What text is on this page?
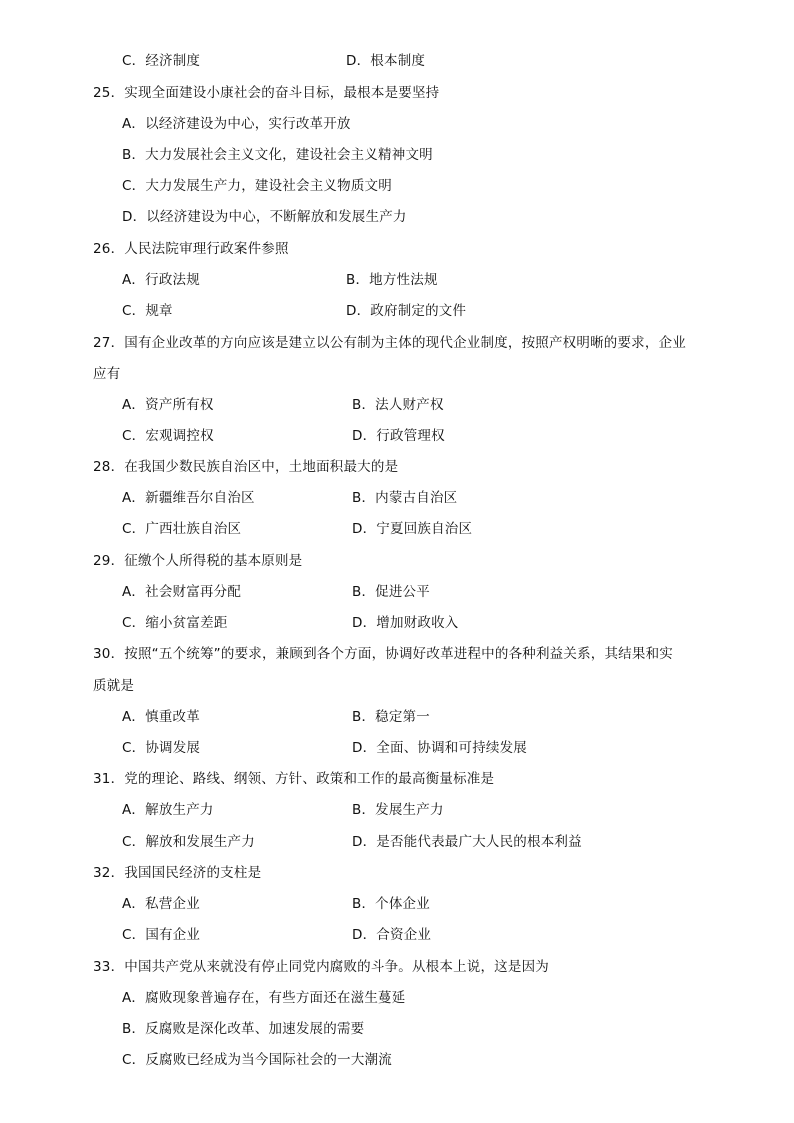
C．经济制度	D．根本制度
25．实现全面建设小康社会的奋斗目标，最根本是要坚持
A．以经济建设为中心，实行改革开放
B．大力发展社会主义文化，建设社会主义精神文明
C．大力发展生产力，建设社会主义物质文明
D．以经济建设为中心，不断解放和发展生产力
26．人民法院审理行政案件参照
A．行政法规	B．地方性法规
C．规章	D．政府制定的文件
27．国有企业改革的方向应该是建立以公有制为主体的现代企业制度，按照产权明晰的要求，企业
应有
A．资产所有权	B．法人财产权
C．宏观调控权	D．行政管理权
28．在我国少数民族自治区中，土地面积最大的是
A．新疆维吾尔自治区	B．内蒙古自治区
C．广西壮族自治区	D．宁夏回族自治区
29．征缴个人所得税的基本原则是
A．社会财富再分配	B．促进公平
C．缩小贫富差距	D．增加财政收入
30．按照“五个统筹”的要求，兼顾到各个方面，协调好改革进程中的各种利益关系，其结果和实
质就是
A．慎重改革	B．稳定第一
C．协调发展	D．全面、协调和可持续发展
31．党的理论、路线、纲领、方针、政策和工作的最高衡量标准是
A．解放生产力	B．发展生产力
C．解放和发展生产力	D．是否能代表最广大人民的根本利益
32．我国国民经济的支柱是
A．私营企业	B．个体企业
C．国有企业	D．合资企业
33．中国共产党从来就没有停止同党内腐败的斗争。从根本上说，这是因为
A．腐败现象普遍存在，有些方面还在滋生蔓延
B．反腐败是深化改革、加速发展的需要
C．反腐败已经成为当今国际社会的一大潮流
